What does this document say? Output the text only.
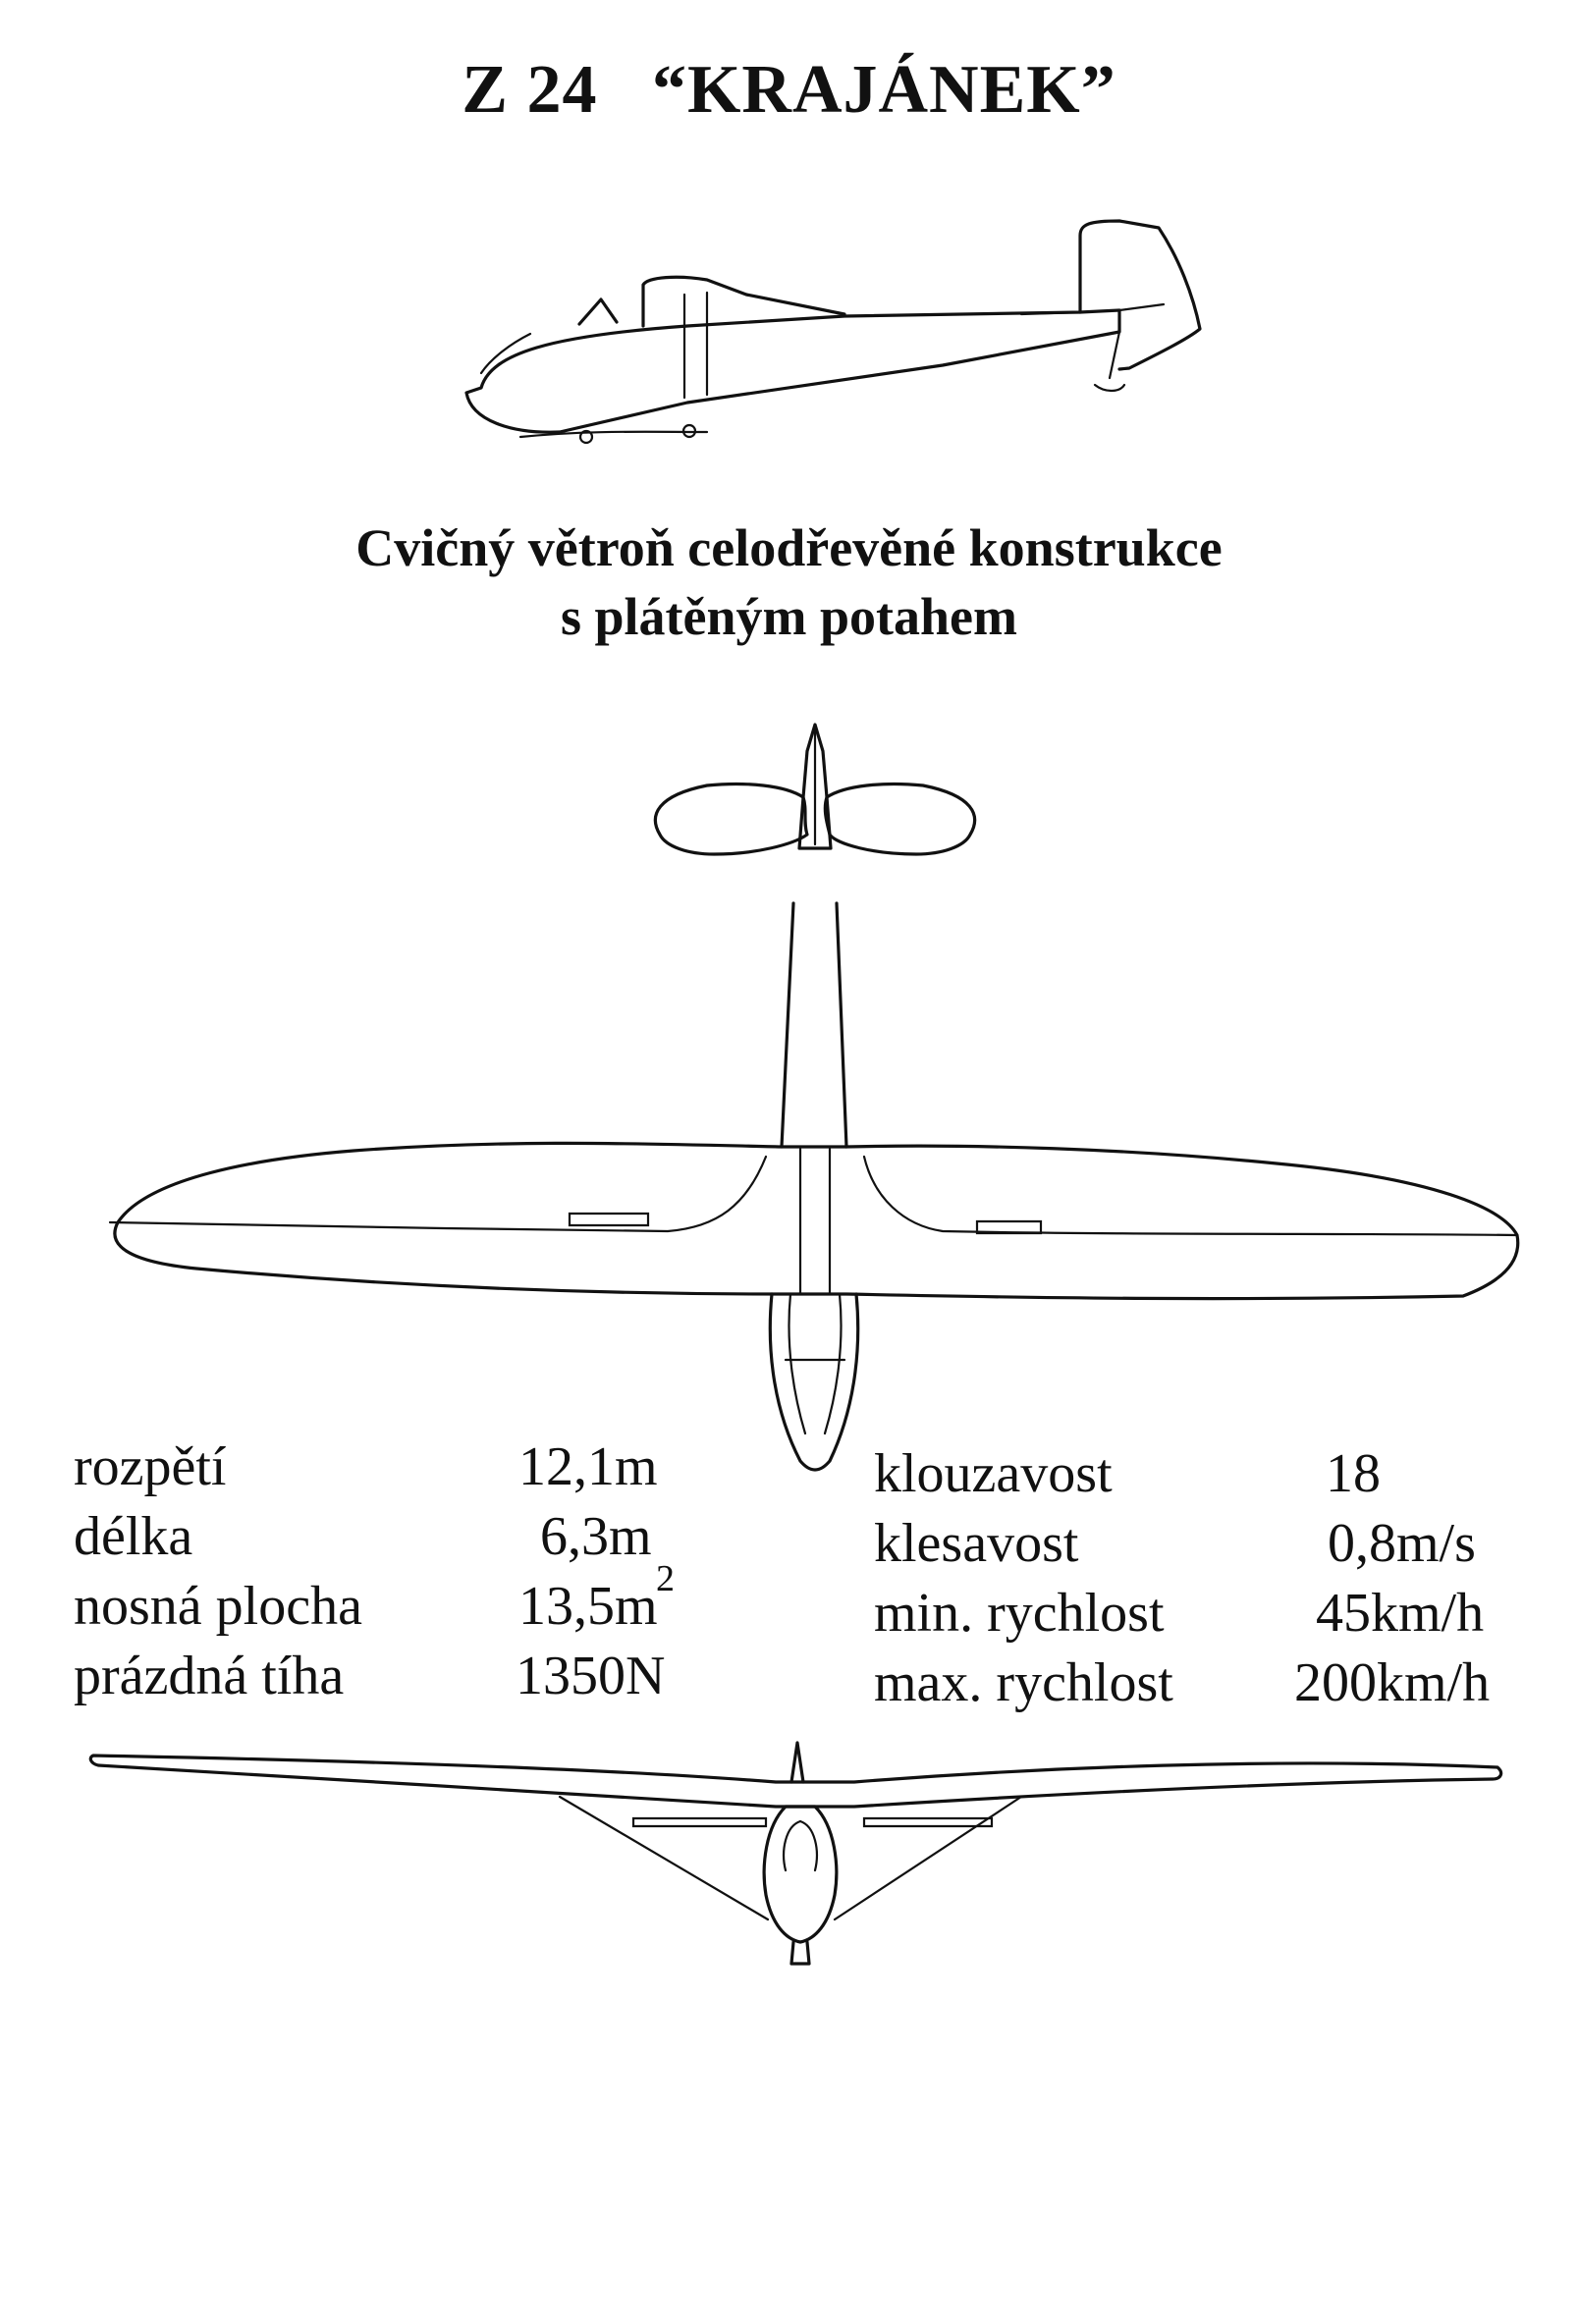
Z 24   “KRAJÁNEK”
Cvičný větroň celodřevěné konstrukce
s plátěným potahem
rozpětí	12,1m
délka	6,3m
nosná plocha	13,5m
2
prázdná tíha	1350N
klouzavost	18
klesavost	0,8m/s
min. rychlost	45km/h
max. rychlost 200km/h
